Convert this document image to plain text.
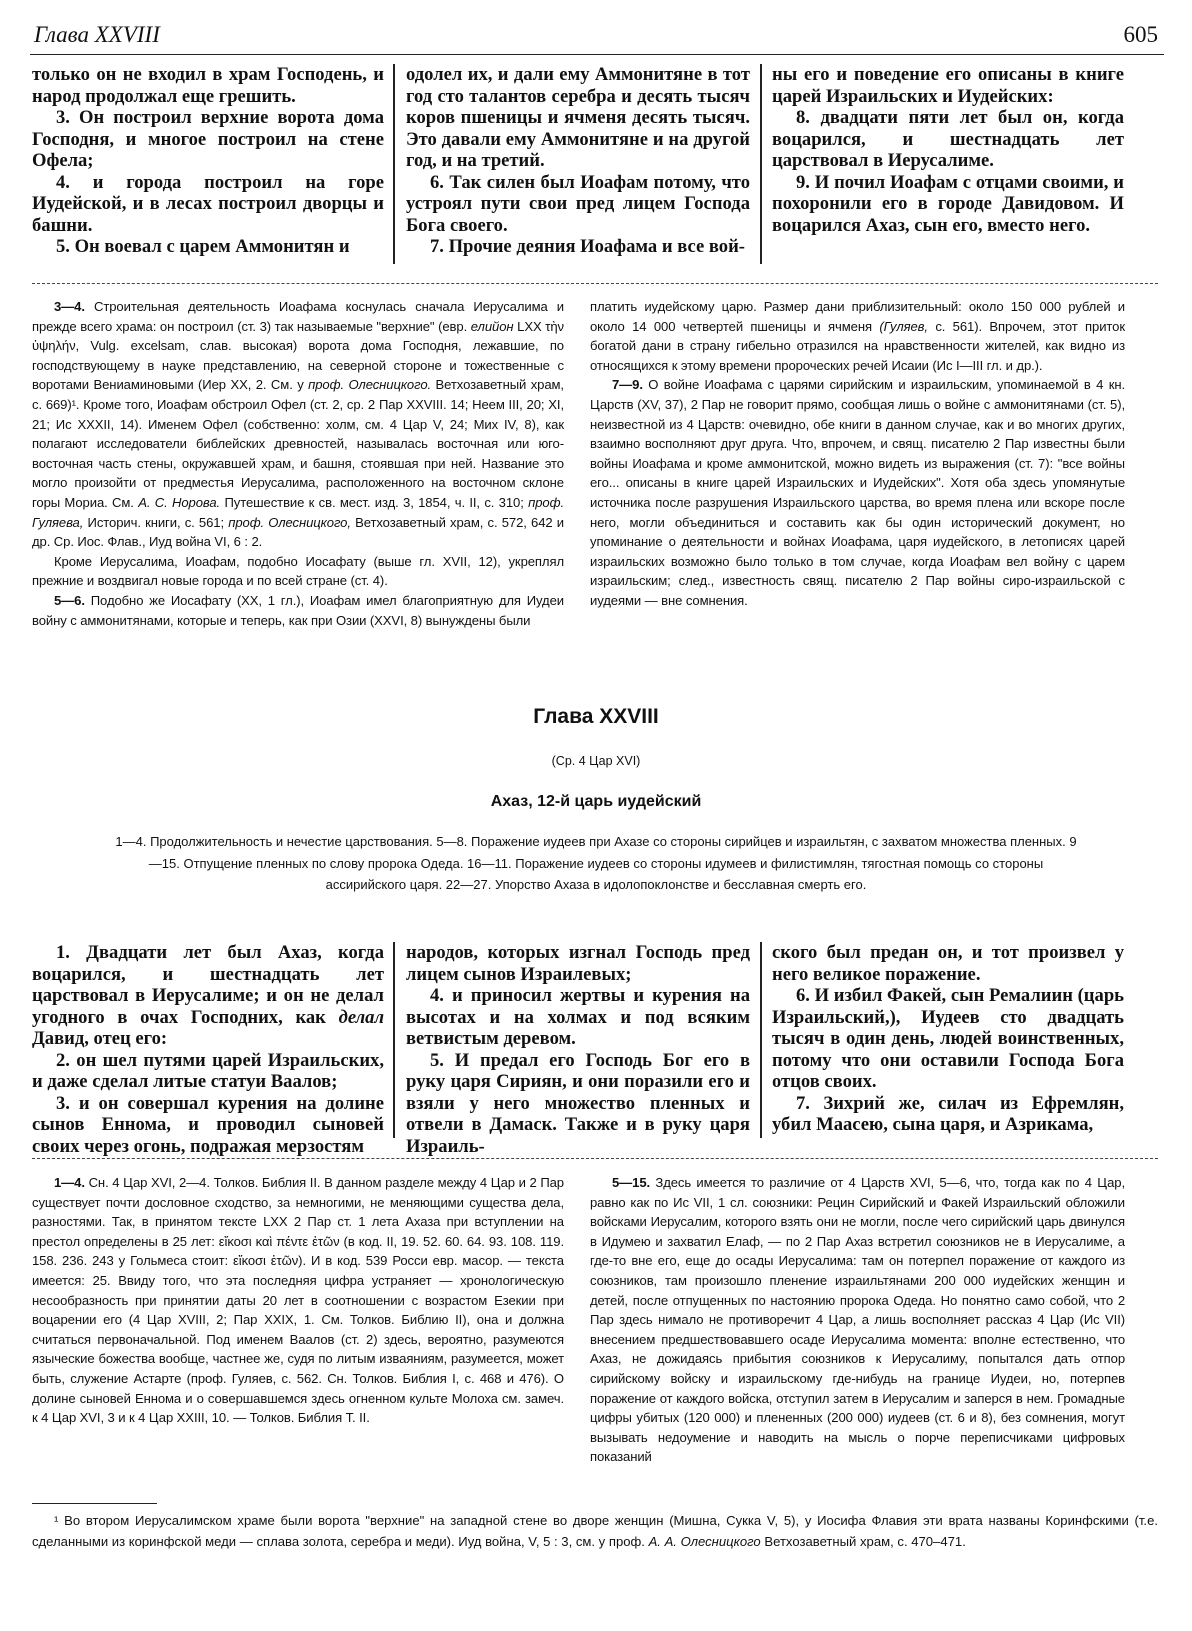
Глава XXVIII	605

только он не входил в храм Господень, и народ продолжал еще грешить.

3. Он построил верхние ворота дома Господня, и многое построил на стене Офела;

4. и города построил на горе Иудейской, и в лесах построил дворцы и башни.

5. Он воевал с царем Аммонитян и

одолел их, и дали ему Аммонитяне в тот год сто талантов серебра и десять тысяч коров пшеницы и ячменя десять тысяч. Это давали ему Аммонитяне и на другой год, и на третий.

6. Так силен был Иоафам потому, что устроял пути свои пред лицем Господа Бога своего.

7. Прочие деяния Иоафама и все вой-

ны его и поведение его описаны в книге царей Израильских и Иудейских:

8. двадцати пяти лет был он, когда воцарился, и шестнадцать лет царствовал в Иерусалиме.

9. И почил Иоафам с отцами своими, и похоронили его в городе Давидовом. И воцарился Ахаз, сын его, вместо него.

3—4. Строительная деятельность Иоафама коснулась сначала Иерусалима и прежде всего храма: он построил (ст. 3) так называемые "верхние" (евр. елийон LXX τὴν ὑψηλήν, Vulg. excelsam, слав. высокая) ворота дома Господня, лежавшие, по господствующему в науке представлению, на северной стороне и тожественные с воротами Вениаминовыми (Иер XX, 2. См. у проф. Олесницкого. Ветхозаветный храм, с. 669)¹. Кроме того, Иоафам обстроил Офел (ст. 2, ср. 2 Пар XXVIII. 14; Неем III, 20; XI, 21; Ис XXXII, 14). Именем Офел (собственно: холм, см. 4 Цар V, 24; Мих IV, 8), как полагают исследователи библейских древностей, называлась восточная или юго-восточная часть стены, окружавшей храм, и башня, стоявшая при ней. Название это могло произойти от предместья Иерусалима, расположенного на восточном склоне горы Мориа. См. А. С. Норова. Путешествие к св. мест. изд. 3, 1854, ч. II, с. 310; проф. Гуляева, Историч. книги, с. 561; проф. Олесницкого, Ветхозаветный храм, с. 572, 642 и др. Ср. Иос. Флав., Иуд война VI, 6 : 2.

Кроме Иерусалима, Иоафам, подобно Иосафату (выше гл. XVII, 12), укреплял прежние и воздвигал новые города и по всей стране (ст. 4).

5—6. Подобно же Иосафату (XX, 1 гл.), Иоафам имел благоприятную для Иудеи войну с аммонитянами, которые и теперь, как при Озии (XXVI, 8) вынуждены были

платить иудейскому царю. Размер дани приблизительный: около 150 000 рублей и около 14 000 четвертей пшеницы и ячменя (Гуляев, с. 561). Впрочем, этот приток богатой дани в страну гибельно отразился на нравственности жителей, как видно из относящихся к этому времени пророческих речей Исаии (Ис I—III гл. и др.).

7—9. О войне Иоафама с царями сирийским и израильским, упоминаемой в 4 кн. Царств (XV, 37), 2 Пар не говорит прямо, сообщая лишь о войне с аммонитянами (ст. 5), неизвестной из 4 Царств: очевидно, обе книги в данном случае, как и во многих других, взаимно восполняют друг друга. Что, впрочем, и свящ. писателю 2 Пар известны были войны Иоафама и кроме аммонитской, можно видеть из выражения (ст. 7): "все войны его... описаны в книге царей Израильских и Иудейских". Хотя оба здесь упомянутые источника после разрушения Израильского царства, во время плена или вскоре после него, могли объединиться и составить как бы один исторический документ, но упоминание о деятельности и войнах Иоафама, царя иудейского, в летописях царей израильских возможно было только в том случае, когда Иоафам вел войну с царем израильским; след., известность свящ. писателю 2 Пар войны сиро-израильской с иудеями — вне сомнения.

Глава XXVIII
(Ср. 4 Цар XVI)
Ахаз, 12-й царь иудейский
1—4. Продолжительность и нечестие царствования. 5—8. Поражение иудеев при Ахазе со стороны сирийцев и израильтян, с захватом множества пленных. 9—15. Отпущение пленных по слову пророка Одеда. 16—11. Поражение иудеев со стороны идумеев и филистимлян, тягостная помощь со стороны ассирийского царя. 22—27. Упорство Ахаза в идолопоклонстве и бесславная смерть его.

1. Двадцати лет был Ахаз, когда воцарился, и шестнадцать лет царствовал в Иерусалиме; и он не делал угодного в очах Господних, как делал Давид, отец его:

2. он шел путями царей Израильских, и даже сделал литые статуи Ваалов;

3. и он совершал курения на долине сынов Еннома, и проводил сыновей своих через огонь, подражая мерзостям

народов, которых изгнал Господь пред лицем сынов Израилевых;

4. и приносил жертвы и курения на высотах и на холмах и под всяким ветвистым деревом.

5. И предал его Господь Бог его в руку царя Сириян, и они поразили его и взяли у него множество пленных и отвели в Дамаск. Также и в руку царя Израиль-

ского был предан он, и тот произвел у него великое поражение.

6. И избил Факей, сын Ремалиин (царь Израильский,), Иудеев сто двадцать тысяч в один день, людей воинственных, потому что они оставили Господа Бога отцов своих.

7. Зихрий же, силач из Ефремлян, убил Маасею, сына царя, и Азрикама,

1—4. Сн. 4 Цар XVI, 2—4. Толков. Библия II. В данном разделе между 4 Цар и 2 Пар существует почти дословное сходство, за немногими, не меняющими существа дела, разностями. Так, в принятом тексте LXX 2 Пар ст. 1 лета Ахаза при вступлении на престол определены в 25 лет: εἴκοσι καὶ πέντε ἐτῶν (в код. II, 19. 52. 60. 64. 93. 108. 119. 158. 236. 243 у Гольмеса стоит: εἴκοσι ἐτῶν). И в код. 539 Росси евр. масор. — текста имеется: 25. Ввиду того, что эта последняя цифра устраняет — хронологическую несообразность при принятии даты 20 лет в соотношении с возрастом Езекии при воцарении его (4 Цар XVIII, 2; Пар XXIX, 1. См. Толков. Библию II), она и должна считаться первоначальной. Под именем Ваалов (ст. 2) здесь, вероятно, разумеются языческие божества вообще, частнее же, судя по литым изваяниям, разумеется, может быть, служение Астарте (проф. Гуляев, с. 562. Сн. Толков. Библия I, с. 468 и 476). О долине сыновей Еннома и о совершавшемся здесь огненном культе Молоха см. замеч. к 4 Цар XVI, 3 и к 4 Цар XXIII, 10. — Толков. Библия Т. II.

5—15. Здесь имеется то различие от 4 Царств XVI, 5—6, что, тогда как по 4 Цар, равно как по Ис VII, 1 сл. союзники: Рецин Сирийский и Факей Израильский обложили войсками Иерусалим, которого взять они не могли, после чего сирийский царь двинулся в Идумею и захватил Елаф, — по 2 Пар Ахаз встретил союзников не в Иерусалиме, а где-то вне его, еще до осады Иерусалима: там он потерпел поражение от каждого из союзников, там произошло пленение израильтянами 200 000 иудейских женщин и детей, после отпущенных по настоянию пророка Одеда. Но понятно само собой, что 2 Пар здесь нимало не противоречит 4 Цар, а лишь восполняет рассказ 4 Цар (Ис VII) внесением предшествовавшего осаде Иерусалима момента: вполне естественно, что Ахаз, не дожидаясь прибытия союзников к Иерусалиму, попытался дать отпор сирийскому войску и израильскому где-нибудь на границе Иудеи, но, потерпев поражение от каждого войска, отступил затем в Иерусалим и заперся в нем. Громадные цифры убитых (120 000) и плененных (200 000) иудеев (ст. 6 и 8), без сомнения, могут вызывать недоумение и наводить на мысль о порче переписчиками цифровых показаний

¹ Во втором Иерусалимском храме были ворота "верхние" на западной стене во дворе женщин (Мишна, Сукка V, 5), у Иосифа Флавия эти врата названы Коринфскими (т.е. сделанными из коринфской меди — сплава золота, серебра и меди). Иуд война, V, 5 : 3, см. у проф. А. А. Олесницкого Ветхозаветный храм, с. 470–471.
